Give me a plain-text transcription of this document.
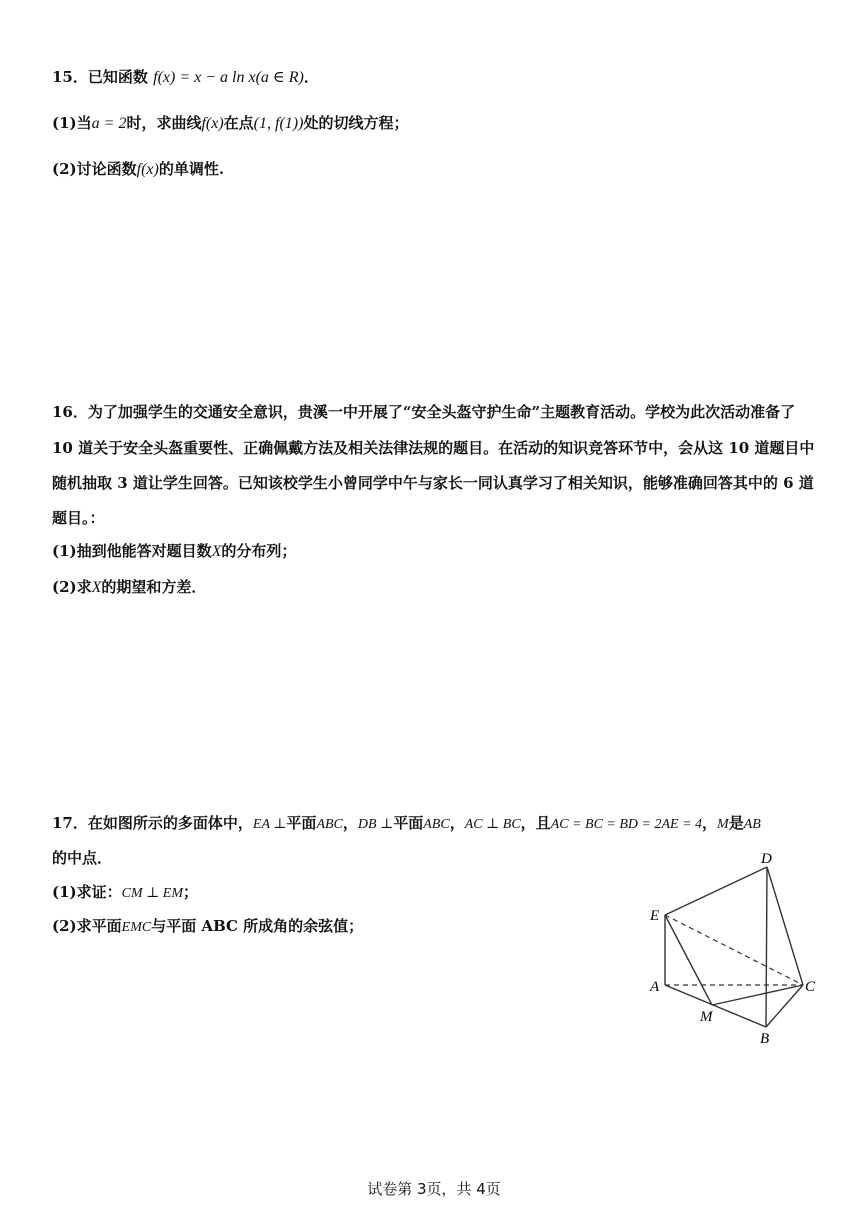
15．已知函数 f(x) = x − a ln x(a ∈ R)．
(1)当a = 2时，求曲线f(x)在点(1, f(1))处的切线方程；
(2)讨论函数f(x)的单调性.
16．为了加强学生的交通安全意识，贵溪一中开展了“安全头盔守护生命”主题教育活动。学校为此次活动准备了
10 道关于安全头盔重要性、正确佩戴方法及相关法律法规的题目。在活动的知识竞答环节中，会从这 10 道题目中
随机抽取 3 道让学生回答。已知该校学生小曾同学中午与家长一同认真学习了相关知识，能够准确回答其中的 6 道
题目。：
(1)抽到他能答对题目数X的分布列；
(2)求X的期望和方差．
17．在如图所示的多面体中，EA ⊥平面ABC，DB ⊥平面ABC，AC ⊥ BC，且AC = BC = BD = 2AE = 4，M是AB
的中点．
(1)求证：CM ⊥ EM；
(2)求平面EMC与平面 ABC 所成角的余弦值；
D
E
A	C
M
B
试卷第 3页，共 4页
